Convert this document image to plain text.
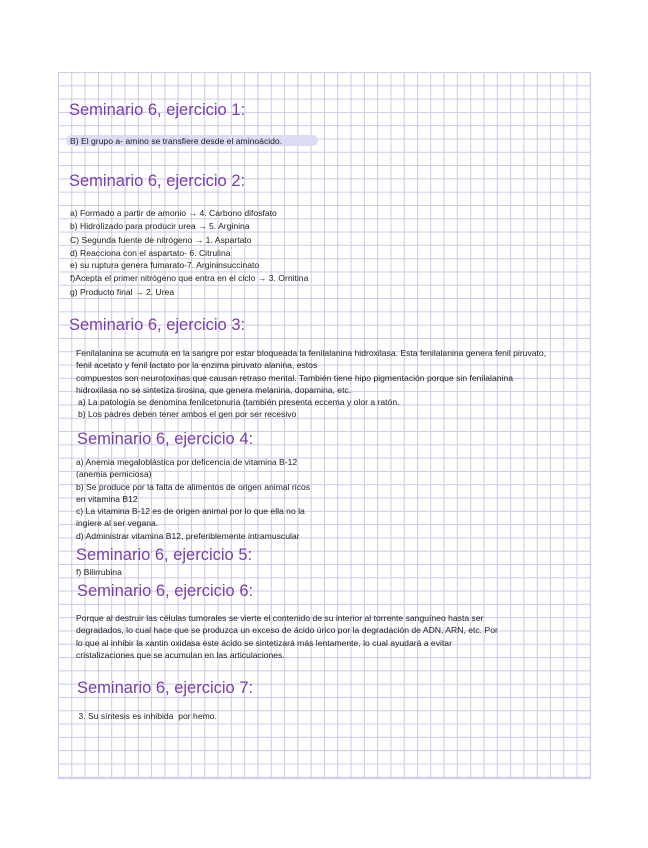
Seminario 6, ejercicio 1:

B) El grupo a- amino se transfiere desde el aminoácido.

Seminario 6, ejercicio 2:

a) Formado a partir de amonio → 4. Carbono difosfato

b) Hidrolizado para producir urea → 5. Arginina

C) Segunda fuente de nitrógeno → 1. Aspartato

d) Reacciona con el aspartato- 6. Citrulina

e) su ruptura genera fumarato-7. Argininsuccinato

f)Acepta el primer nitrógeno que entra en el ciclo → 3. Ornitina

g) Producto final → 2. Urea

Seminario 6, ejercicio 3:

Fenilalanina se acumula en la sangre por estar bloqueada la fenilalanina hidroxilasa. Esta fenilalanina genera fenil piruvato,

fenil acetato y fenil lactato por la enzima piruvato alanina, estos

compuestos son neurotoxinas que causan retraso mental. También tiene hipo pigmentación porque sin fenilalanina

hidroxilasa no se sintetiza tirosina, que genera melanina, dopamina, etc.

a) La patología se denomina fenilcetonuria (también presenta eccema y olor a ratón.

b) Los padres deben tener ambos el gen por ser recesivo

Seminario 6, ejercicio 4:

a) Anemia megaloblástica por deficencia de vitamina B-12

(anemia perniciosa)

b) Se produce por la falta de alimentos de origen animal ricos

en vitamina B12

c) La vitamina B-12 es de origen animal por lo que ella no la

ingiere al ser vegana.

d) Administrar vitamina B12, preferiblemente intramuscular

Seminario 6, ejercicio 5:

f) Bilirrubina

Seminario 6, ejercicio 6:

Porque al destruir las células tumorales se vierte el contenido de su interior al torrente sanguíneo hasta ser

degradados, lo cual hace que se produzca un exceso de ácido úrico por la degradación de ADN, ARN, etc. Por

lo que al inhibir la xantin oxidasa este ácido se sintetizará más lentamente, lo cual ayudará a evitar

cristalizaciones que se acumulan en las articulaciones.

Seminario 6, ejercicio 7:

3. Su síntesis es inhibida  por hemo.
